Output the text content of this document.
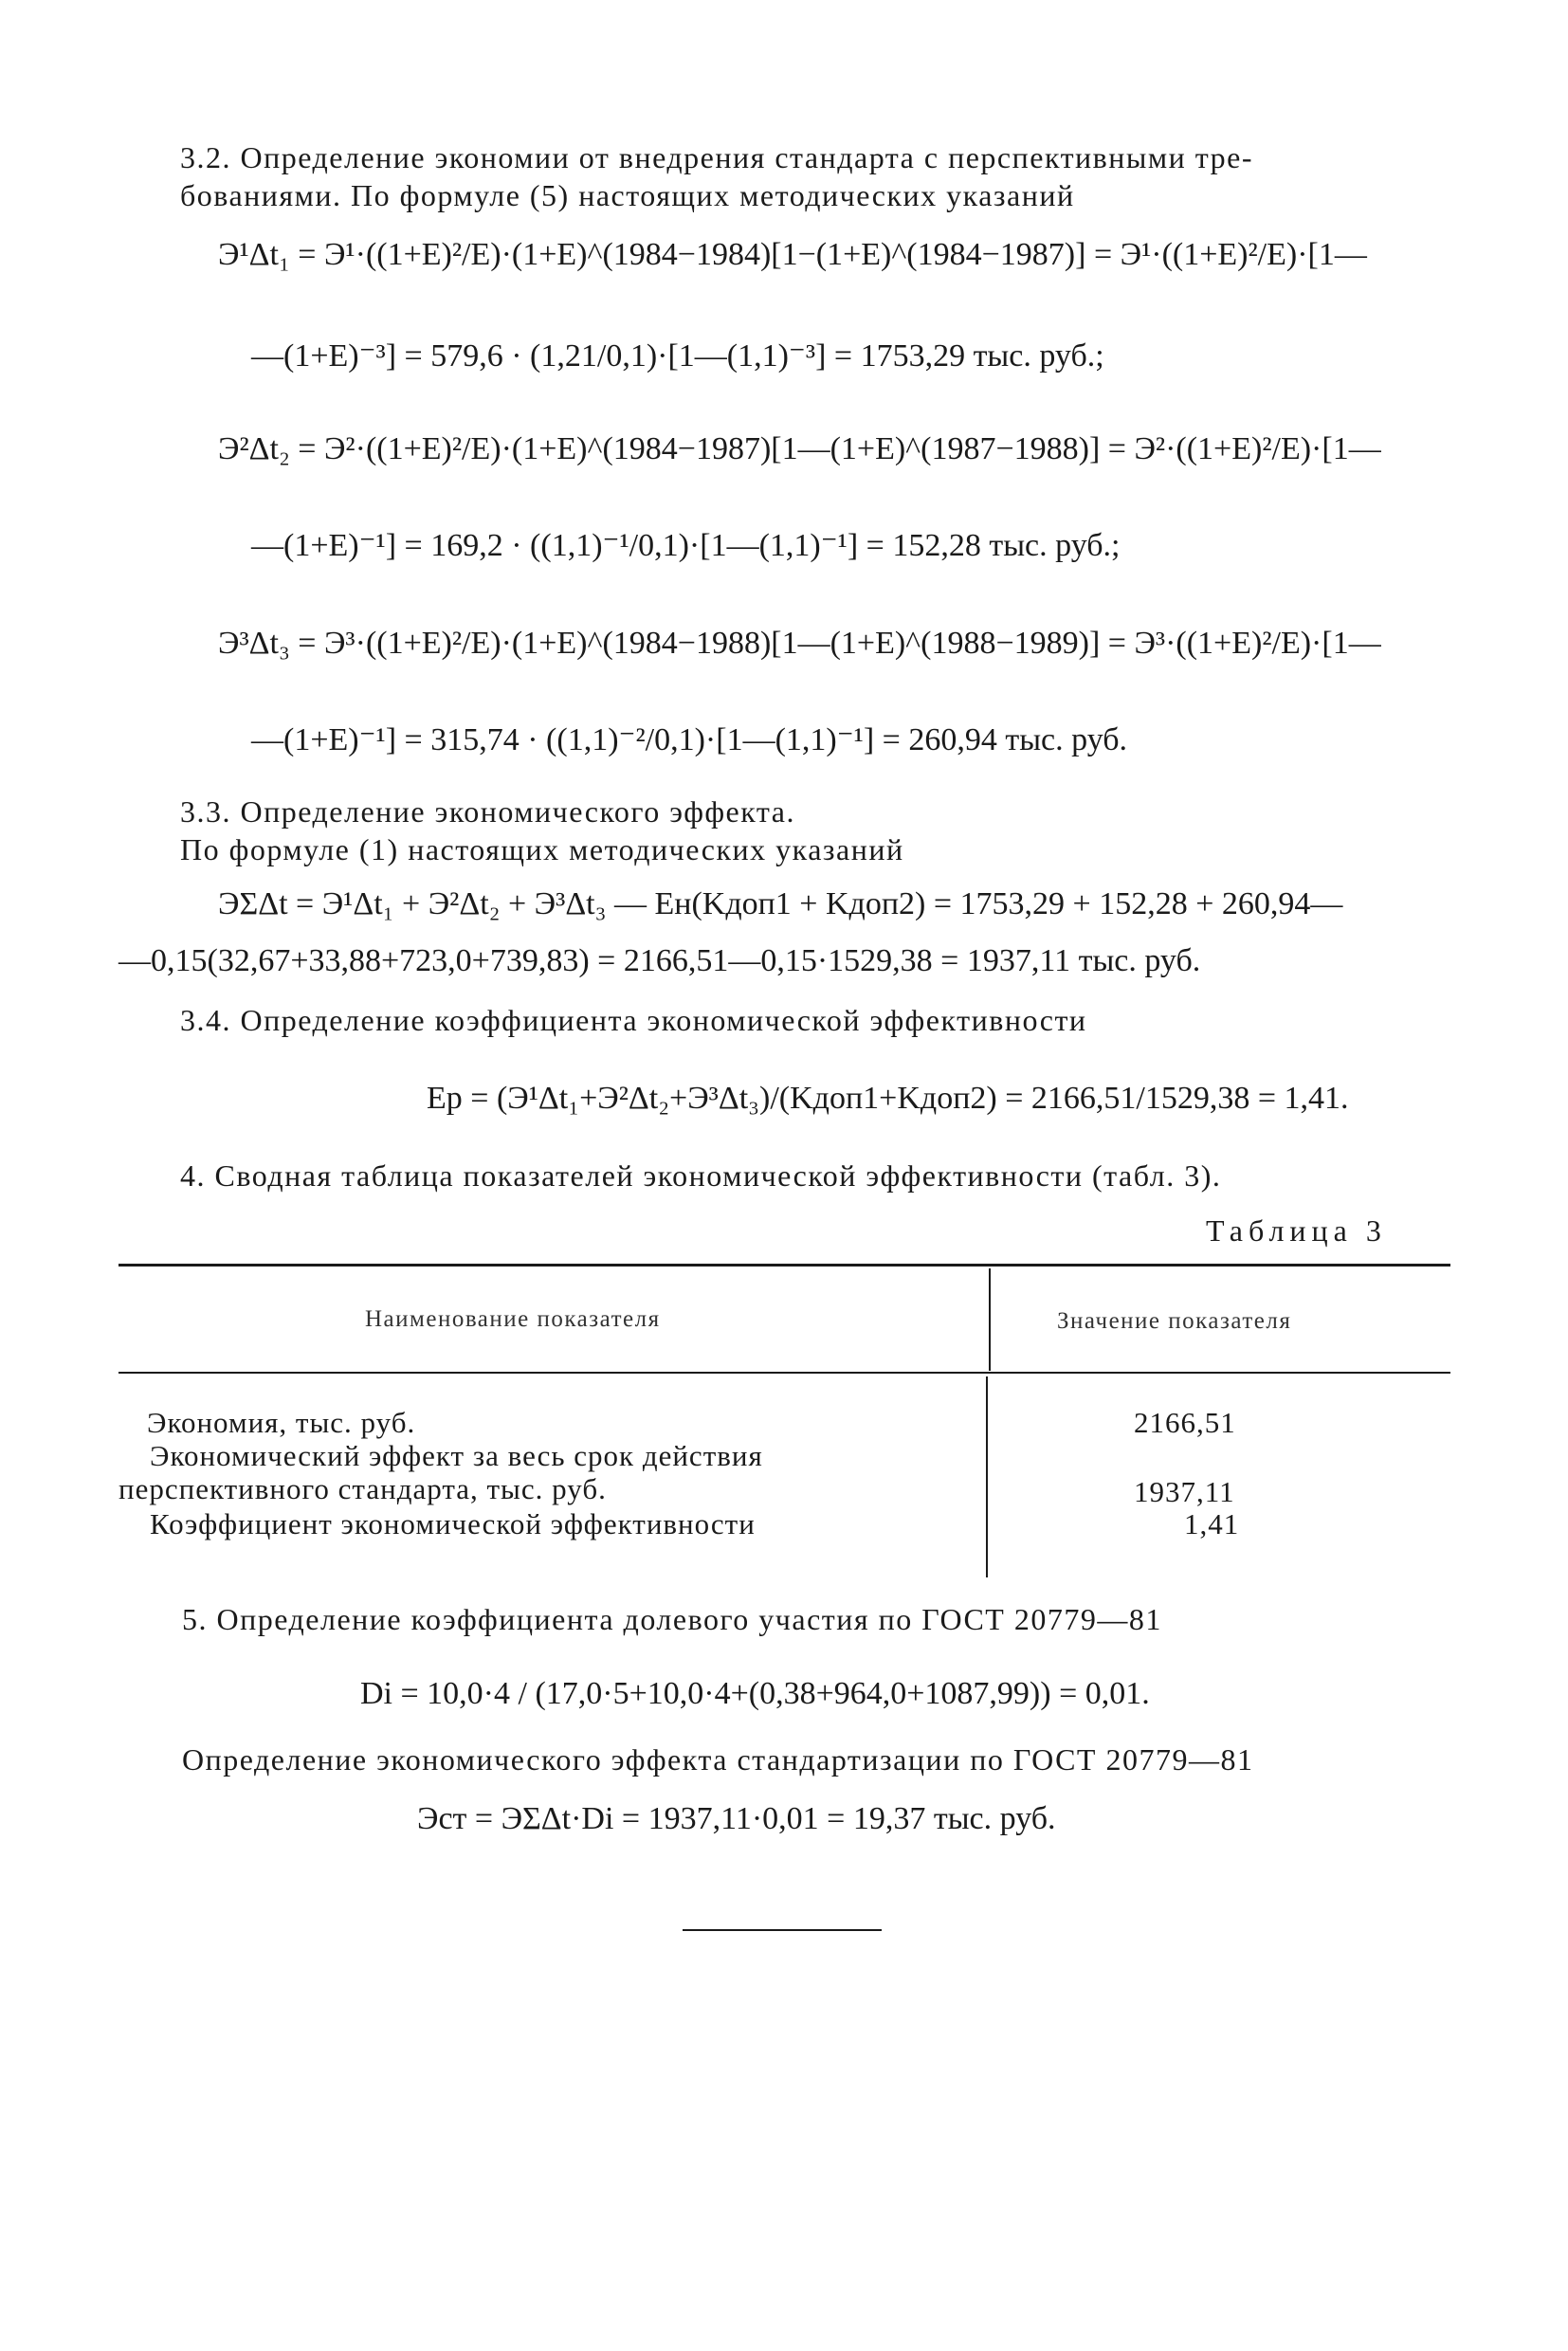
3.2. Определение экономии от внедрения стандарта с перспективными тре-
бованиями. По формуле (5) настоящих методических указаний
Э¹Δt₁ = Э¹·((1+E)²/E)·(1+E)^(1984−1984)[1−(1+E)^(1984−1987)] = Э¹·((1+E)²/E)·[1—
—(1+E)⁻³] = 579,6 · (1,21/0,1)·[1—(1,1)⁻³] = 1753,29 тыс. руб.;
Э²Δt₂ = Э²·((1+E)²/E)·(1+E)^(1984−1987)[1—(1+E)^(1987−1988)] = Э²·((1+E)²/E)·[1—
—(1+E)⁻¹] = 169,2 · ((1,1)⁻¹/0,1)·[1—(1,1)⁻¹] = 152,28 тыс. руб.;
Э³Δt₃ = Э³·((1+E)²/E)·(1+E)^(1984−1988)[1—(1+E)^(1988−1989)] = Э³·((1+E)²/E)·[1—
—(1+E)⁻¹] = 315,74 · ((1,1)⁻²/0,1)·[1—(1,1)⁻¹] = 260,94 тыс. руб.
3.3. Определение экономического эффекта.
По формуле (1) настоящих методических указаний
ЭΣΔt = Э¹Δt₁ + Э²Δt₂ + Э³Δt₃ — Eн(Kдоп1 + Kдоп2) = 1753,29 + 152,28 + 260,94—
—0,15(32,67+33,88+723,0+739,83) = 2166,51—0,15·1529,38 = 1937,11 тыс. руб.
3.4. Определение коэффициента экономической эффективности
Eр = (Э¹Δt₁+Э²Δt₂+Э³Δt₃)/(Kдоп1+Kдоп2) = 2166,51/1529,38 = 1,41.
4. Сводная таблица показателей экономической эффективности (табл. 3).
Таблица 3
Наименование показателя	Значение показателя
Экономия, тыс. руб.	2166,51
Экономический эффект за весь срок действия
перспективного стандарта, тыс. руб.	1937,11
Коэффициент экономической эффективности	1,41
5. Определение коэффициента долевого участия по ГОСТ 20779—81
Di = 10,0·4 / (17,0·5+10,0·4+(0,38+964,0+1087,99)) = 0,01.
Определение экономического эффекта стандартизации по ГОСТ 20779—81
Эст = ЭΣΔt·Di = 1937,11·0,01 = 19,37 тыс. руб.
